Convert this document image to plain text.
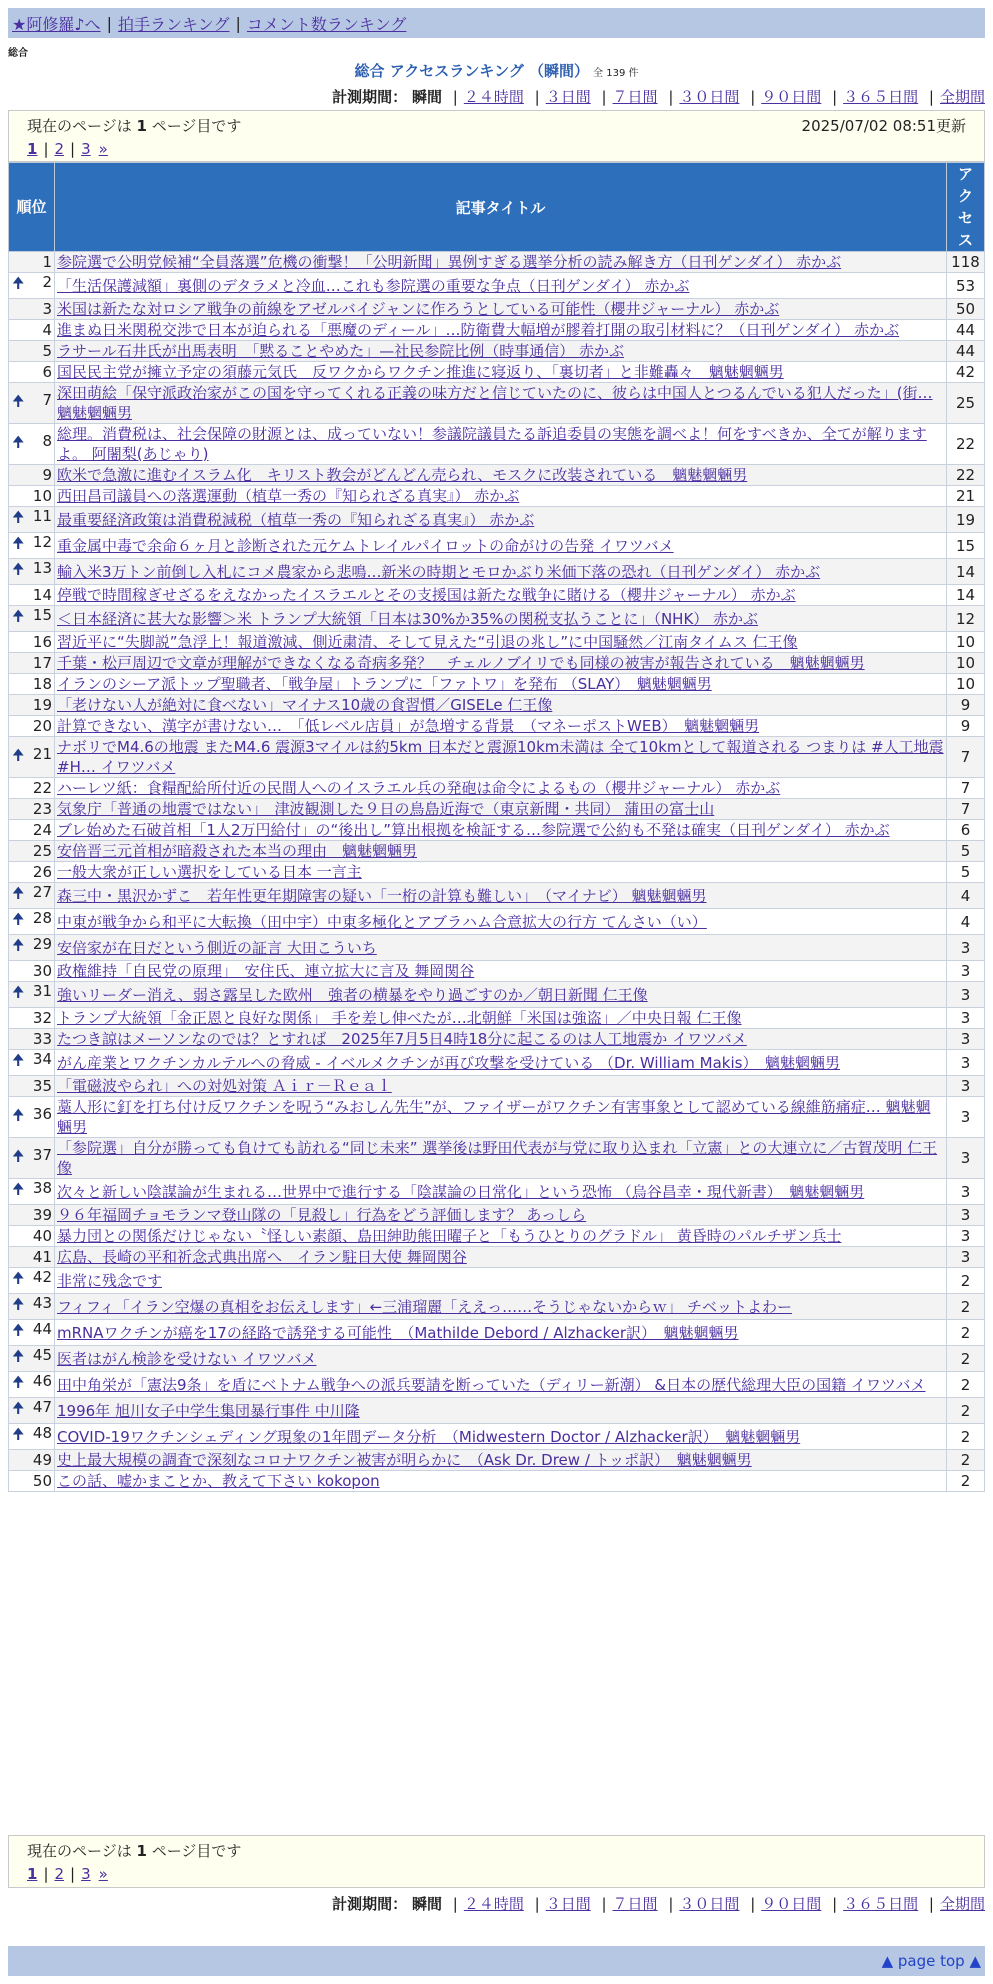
★阿修羅♪へ | 拍手ランキング | コメント数ランキング
総合
総合 アクセスランキング （瞬間） 全 139 件
計測期間： 瞬間 | ２４時間 | ３日間 | ７日間 | ３０日間 | ９０日間 | ３６５日間 | 全期間
現在のページは 1 ページ目です	2025/07/02 08:51更新
1 | 2 | 3 »
順位	記事タイトル	アクセス
1	参院選で公明党候補“全員落選”危機の衝撃！「公明新聞」異例すぎる選挙分析の読み解き方（日刊ゲンダイ） 赤かぶ	118

🠉 2	「生活保護減額」裏側のデタラメと冷血…これも参院選の重要な争点（日刊ゲンダイ） 赤かぶ	53
3	米国は新たな対ロシア戦争の前線をアゼルバイジャンに作ろうとしている可能性（櫻井ジャーナル） 赤かぶ	50
4	進まぬ日米関税交渉で日本が迫られる「悪魔のディール」…防衛費大幅増が膠着打開の取引材料に？（日刊ゲンダイ） 赤かぶ	44
5	ラサール石井氏が出馬表明　「黙ることやめた」—社民参院比例（時事通信） 赤かぶ	44
6	国民民主党が擁立予定の須藤元気氏　反ワクからワクチン推進に寝返り、「裏切者」と非難轟々　魑魅魍魎男	42

🠉 7	深田萌絵「保守派政治家がこの国を守ってくれる正義の味方だと信じていたのに、彼らは中国人とつるんでいる犯人だった」(街… 魑魅魍魎男	25

🠉 8	総理。消費税は、社会保障の財源とは、成っていない！参議院議員たる訴追委員の実態を調べよ！何をすべきか、全てが解りますよ。 阿闍梨(あじゃり)	22
9	欧米で急激に進むイスラム化　キリスト教会がどんどん売られ、モスクに改装されている　魑魅魍魎男	22
10	西田昌司議員への落選運動（植草一秀の『知られざる真実』） 赤かぶ	21

🠉 11	最重要経済政策は消費税減税（植草一秀の『知られざる真実』） 赤かぶ	19

🠉 12	重金属中毒で余命６ヶ月と診断された元ケムトレイルパイロットの命がけの告発 イワツバメ	15

🠉 13	輸入米3万トン前倒し入札にコメ農家から悲鳴…新米の時期とモロかぶり米価下落の恐れ（日刊ゲンダイ） 赤かぶ	14
14	停戦で時間稼ぎせざるをえなかったイスラエルとその支援国は新たな戦争に賭ける（櫻井ジャーナル） 赤かぶ	14

🠉 15	＜日本経済に甚大な影響＞米 トランプ大統領「日本は30%か35%の関税支払うことに」（NHK） 赤かぶ	12
16	習近平に“失脚説”急浮上！報道激減、側近粛清、そして見えた“引退の兆し”に中国騒然／江南タイムス 仁王像	10
17	千葉・松戸周辺で文章が理解ができなくなる奇病多発？　チェルノブイリでも同様の被害が報告されている　魑魅魍魎男	10
18	イランのシーア派トップ聖職者、「戦争屋」トランプに「ファトワ」を発布 （SLAY）　魑魅魍魎男	10
19	「老けない人が絶対に食べない」マイナス10歳の食習慣／GISELe 仁王像	9
20	計算できない、漢字が書けない…　「低レベル店員」が急増する背景　（マネーポストWEB）　魑魅魍魎男	9

🠉 21	ナボリでM4.6の地震 またM4.6 震源3マイルは約5km 日本だと震源10km未満は 全て10kmとして報道される つまりは #人工地震 #H… イワツバメ	7
22	ハーレツ紙：食糧配給所付近の民間人へのイスラエル兵の発砲は命令によるもの（櫻井ジャーナル） 赤かぶ	7
23	気象庁「普通の地震ではない」　津波観測した９日の鳥島近海で（東京新聞・共同） 蒲田の富士山	7
24	ブレ始めた石破首相「1人2万円給付」の“後出し”算出根拠を検証する…参院選で公約も不発は確実（日刊ゲンダイ） 赤かぶ	6
25	安倍晋三元首相が暗殺された本当の理由　魑魅魍魎男	5
26	一般大衆が正しい選択をしている日本 一言主	5

🠉 27	森三中・黒沢かずこ　若年性更年期障害の疑い「一桁の計算も難しい」　（マイナビ） 魑魅魍魎男	4

🠉 28	中東が戦争から和平に大転換（田中宇）中東多極化とアブラハム合意拡大の行方 てんさい（い）	4

🠉 29	安倍家が在日だという側近の証言 大田こういち	3
30	政権維持「自民党の原理」　安住氏、連立拡大に言及 舞岡関谷	3

🠉 31	強いリーダー消え、弱さ露呈した欧州　強者の横暴をやり過ごすのか／朝日新聞 仁王像	3
32	トランプ大統領「金正恩と良好な関係」 手を差し伸べたが…北朝鮮「米国は強盗」／中央日報 仁王像	3
33	たつき諒はメーソンなのでは？とすれば　2025年7月5日4時18分に起こるのは人工地震か イワツバメ	3

🠉 34	がん産業とワクチンカルテルへの脅威 - イベルメクチンが再び攻撃を受けている （Dr. William Makis）　魑魅魍魎男	3
35	「電磁波やられ」への対処対策 Ａｉｒ－Ｒｅａｌ	3

🠉 36	藁人形に釘を打ち付け反ワクチンを呪う“みおしん先生”が、ファイザーがワクチン有害事象として認めている線維筋痛症… 魑魅魍魎男	3

🠉 37	「参院選」自分が勝っても負けても訪れる“同じ未来” 選挙後は野田代表が与党に取り込まれ「立憲」との大連立に／古賀茂明 仁王像	3

🠉 38	次々と新しい陰謀論が生まれる…世界中で進行する「陰謀論の日常化」という恐怖 （烏谷昌幸・現代新書）　魑魅魍魎男	3
39	９６年福岡チョモランマ登山隊の「見殺し」行為をどう評価します？ あっしら	3
40	暴力団との関係だけじゃない〝怪しい素顔、島田紳助熊田曜子と「もうひとりのグラドル」 黄昏時のパルチザン兵士	3
41	広島、長崎の平和祈念式典出席へ　イラン駐日大使 舞岡関谷	3

🠉 42	非常に残念です	2

🠉 43	フィフィ「イラン空爆の真相をお伝えします」←三浦瑠麗「ええっ……そうじゃないからｗ」 チベットよわー	2

🠉 44	mRNAワクチンが癌を17の経路で誘発する可能性　（Mathilde Debord / Alzhacker訳）　魑魅魍魎男	2

🠉 45	医者はがん検診を受けない イワツバメ	2

🠉 46	田中角栄が「憲法9条」を盾にベトナム戦争への派兵要請を断っていた（ディリー新潮） &日本の歴代総理大臣の国籍 イワツバメ	2

🠉 47	1996年 旭川女子中学生集団暴行事件 中川隆	2

🠉 48	COVID-19ワクチンシェディング現象の1年間データ分析　（Midwestern Doctor / Alzhacker訳）　魑魅魍魎男	2
49	史上最大規模の調査で深刻なコロナワクチン被害が明らかに　（Ask Dr. Drew / トッポ訳）　魑魅魍魎男	2
50	この話、嘘かまことか、教えて下さい kokopon	2
現在のページは 1 ページ目です
1 | 2 | 3 »
計測期間： 瞬間 | ２４時間 | ３日間 | ７日間 | ３０日間 | ９０日間 | ３６５日間 | 全期間
▲ page top ▲
